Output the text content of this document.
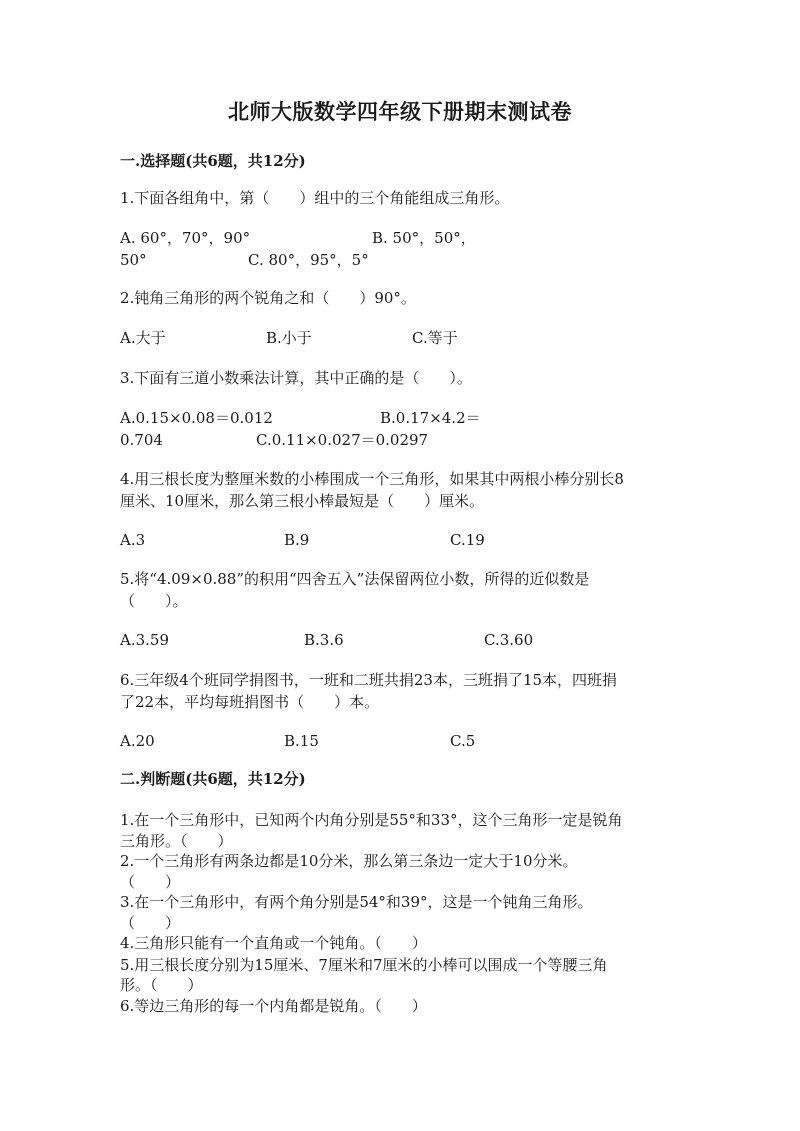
北师大版数学四年级下册期末测试卷
一.选择题(共6题，共12分)
1.下面各组角中，第（　　）组中的三个角能组成三角形。
A. 60°，70°，90°	B. 50°，50°，
50°	C. 80°，95°，5°
2.钝角三角形的两个锐角之和（　　）90°。
A.大于	B.小于	C.等于
3.下面有三道小数乘法计算，其中正确的是（　　）。
A.0.15×0.08＝0.012	B.0.17×4.2＝
0.704	C.0.11×0.027＝0.0297
4.用三根长度为整厘米数的小棒围成一个三角形，如果其中两根小棒分别长8
厘米、10厘米，那么第三根小棒最短是（　　）厘米。
A.3	B.9	C.19
5.将“4.09×0.88”的积用“四舍五入”法保留两位小数，所得的近似数是
（　　）。
A.3.59	B.3.6	C.3.60
6.三年级4个班同学捐图书，一班和二班共捐23本，三班捐了15本，四班捐
了22本，平均每班捐图书（　　）本。
A.20	B.15	C.5
二.判断题(共6题，共12分)
1.在一个三角形中，已知两个内角分别是55°和33°，这个三角形一定是锐角
三角形。（　　）
2.一个三角形有两条边都是10分米，那么第三条边一定大于10分米。
（　　）
3.在一个三角形中，有两个角分别是54°和39°，这是一个钝角三角形。
（　　）
4.三角形只能有一个直角或一个钝角。（　　）
5.用三根长度分别为15厘米、7厘米和7厘米的小棒可以围成一个等腰三角
形。（　　）
6.等边三角形的每一个内角都是锐角。（　　）
